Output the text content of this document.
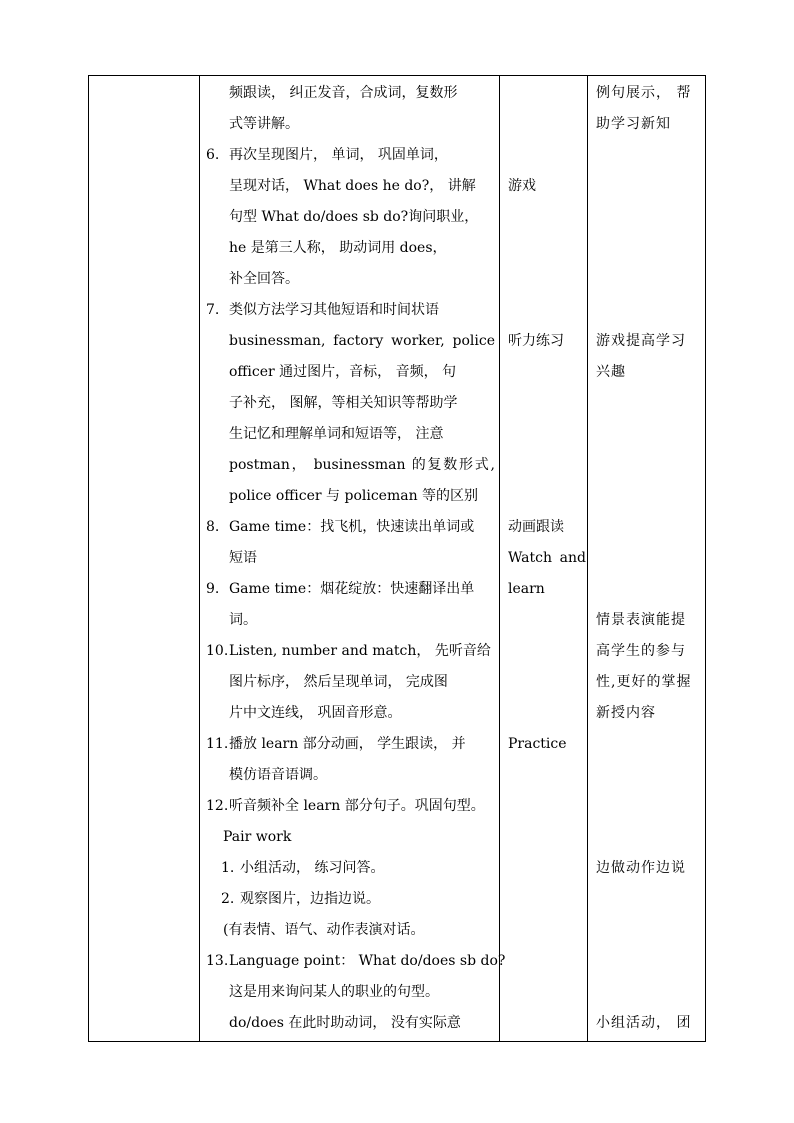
频跟读， 纠正发音，合成词，复数形
式等讲解。
6. 再次呈现图片， 单词， 巩固单词，
呈现对话， What does he do?， 讲解
句型 What do/does sb do?询问职业，
he 是第三人称， 助动词用 does，
补全回答。
7. 类似方法学习其他短语和时间状语
businessman, factory worker, police
officer 通过图片，音标， 音频， 句
子补充， 图解，等相关知识等帮助学
生记忆和理解单词和短语等， 注意
postman， businessman 的复数形式,
police officer 与 policeman 等的区别
8. Game time：找飞机，快速读出单词或
短语
9. Game time：烟花绽放：快速翻译出单
词。
10. Listen, number and match， 先听音给
图片标序， 然后呈现单词， 完成图
片中文连线， 巩固音形意。
11. 播放 learn 部分动画， 学生跟读， 并
模仿语音语调。
12. 听音频补全 learn 部分句子。巩固句型。
Pair work
1. 小组活动， 练习问答。
2. 观察图片，边指边说。
(有表情、语气、动作表演对话。
13. Language point： What do/does sb do?
这是用来询问某人的职业的句型。
do/does 在此时助动词， 没有实际意
游戏
听力练习
动画跟读
Watch and
learn
Practice
例句展示， 帮
助学习新知
游戏提高学习
兴趣
情景表演能提
高学生的参与
性,更好的掌握
新授内容
边做动作边说
小组活动， 团
